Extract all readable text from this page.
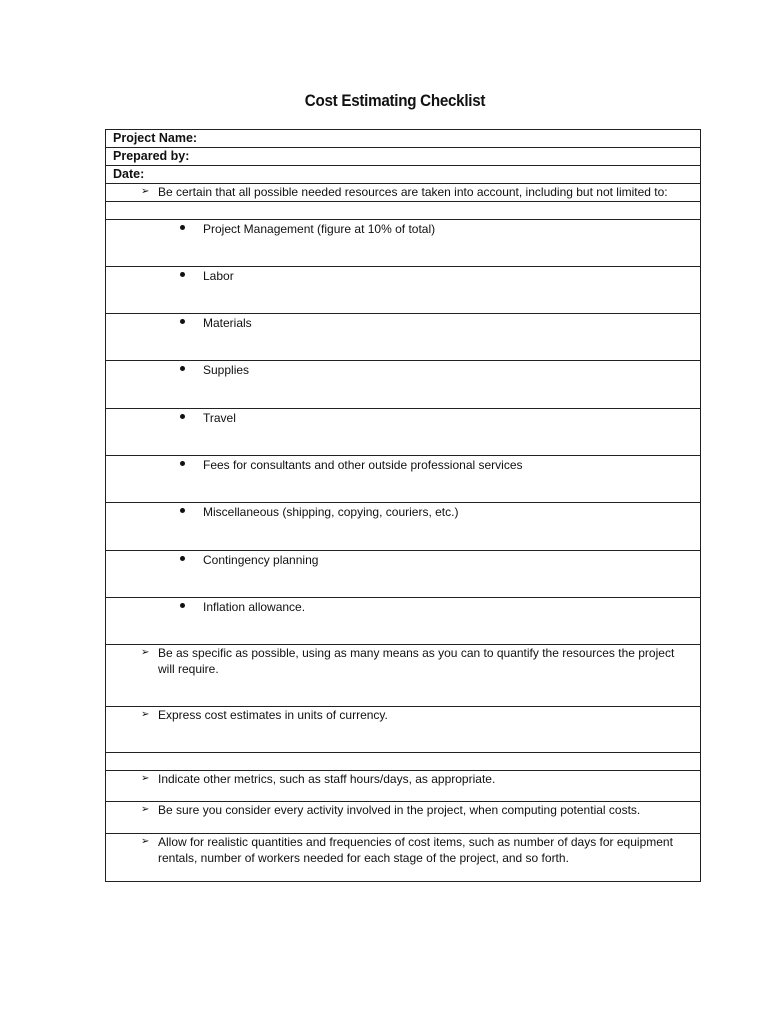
Cost Estimating Checklist
Project Name:
Prepared by:
Date:
➢ Be certain that all possible needed resources are taken into account, including but not limited to:
Project Management (figure at 10% of total)
Labor
Materials
Supplies
Travel
Fees for consultants and other outside professional services
Miscellaneous (shipping, copying, couriers, etc.)
Contingency planning
Inflation allowance.
➢ Be as specific as possible, using as many means as you can to quantify the resources the project will require.
➢ Express cost estimates in units of currency.
➢ Indicate other metrics, such as staff hours/days, as appropriate.
➢ Be sure you consider every activity involved in the project, when computing potential costs.
➢ Allow for realistic quantities and frequencies of cost items, such as number of days for equipment rentals, number of workers needed for each stage of the project, and so forth.
